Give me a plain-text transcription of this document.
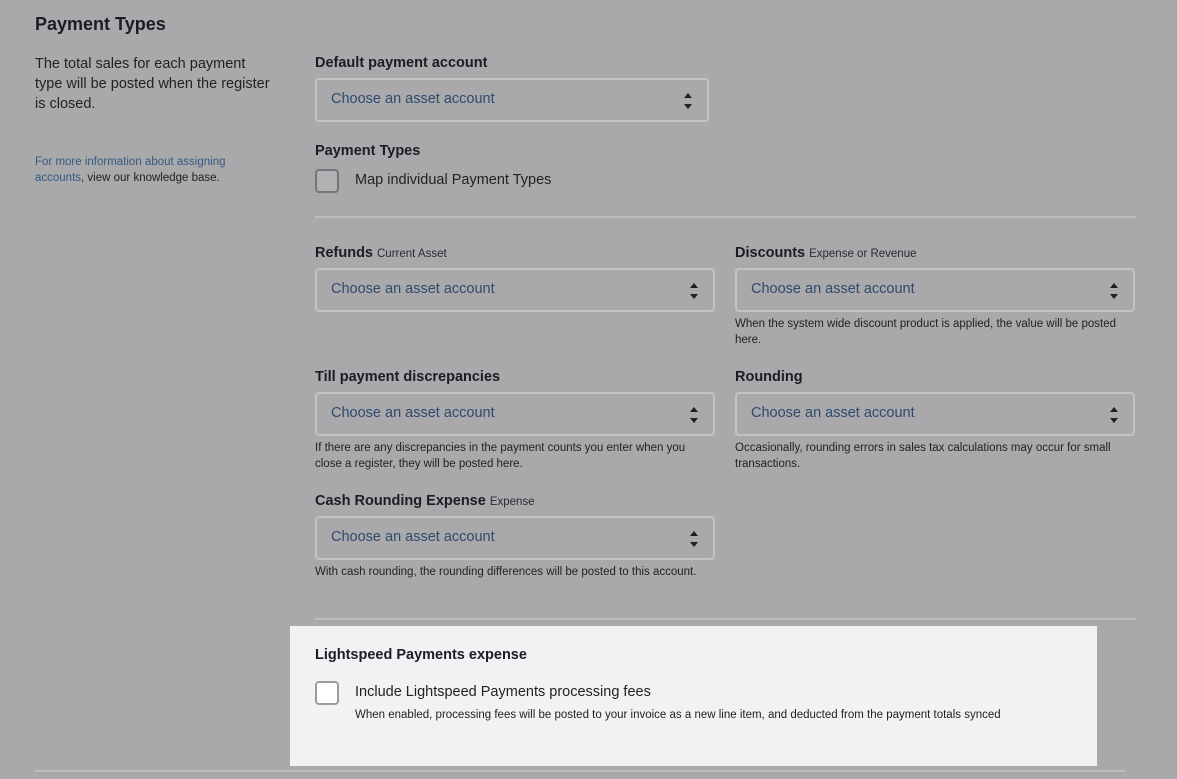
Payment Types
The total sales for each payment type will be posted when the register is closed.
For more information about assigning accounts, view our knowledge base.
Default payment account
Choose an asset account
Payment Types
Map individual Payment Types
Refunds Current Asset
Choose an asset account
Discounts Expense or Revenue
Choose an asset account
When the system wide discount product is applied, the value will be posted here.
Till payment discrepancies
Choose an asset account
If there are any discrepancies in the payment counts you enter when you close a register, they will be posted here.
Rounding
Choose an asset account
Occasionally, rounding errors in sales tax calculations may occur for small transactions.
Cash Rounding Expense Expense
Choose an asset account
With cash rounding, the rounding differences will be posted to this account.
Lightspeed Payments expense
Include Lightspeed Payments processing fees
When enabled, processing fees will be posted to your invoice as a new line item, and deducted from the payment totals synced
